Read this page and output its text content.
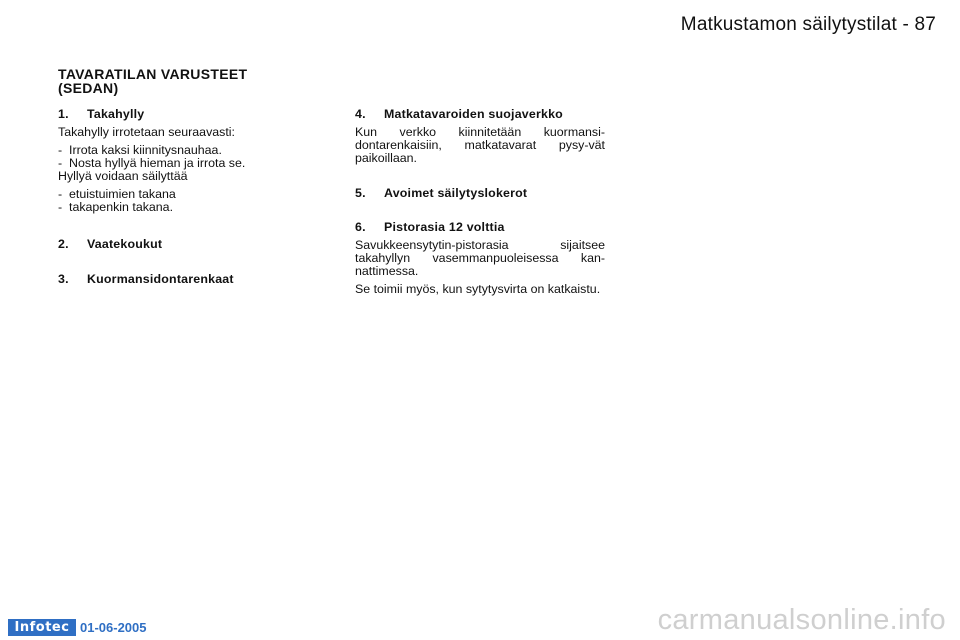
Matkustamon säilytystilat - 87
TAVARATILAN VARUSTEET
(SEDAN)
1.	Takahylly

Takahylly irrotetaan seuraavasti:

- Irrota kaksi kiinnitysnauhaa.
- Nosta hyllyä hieman ja irrota se.

Hyllyä voidaan säilyttää

- etuistuimien takana
- takapenkin takana.
2.	Vaatekoukut
3.	Kuormansidontarenkaat
4.	Matkatavaroiden suojaverkko

Kun verkko kiinnitetään kuormansi-dontarenkaisiin, matkatavarat pysy-vät paikoillaan.

5.	Avoimet säilytyslokerot
6.	Pistorasia 12 volttia

Savukkeensytytin-pistorasia sijaitsee takahyllyn vasemmanpuoleisessa kan-nattimessa.

Se toimii myös, kun sytytysvirta on katkaistu.

Infotec 01-06-2005	carmanualsonline.info
